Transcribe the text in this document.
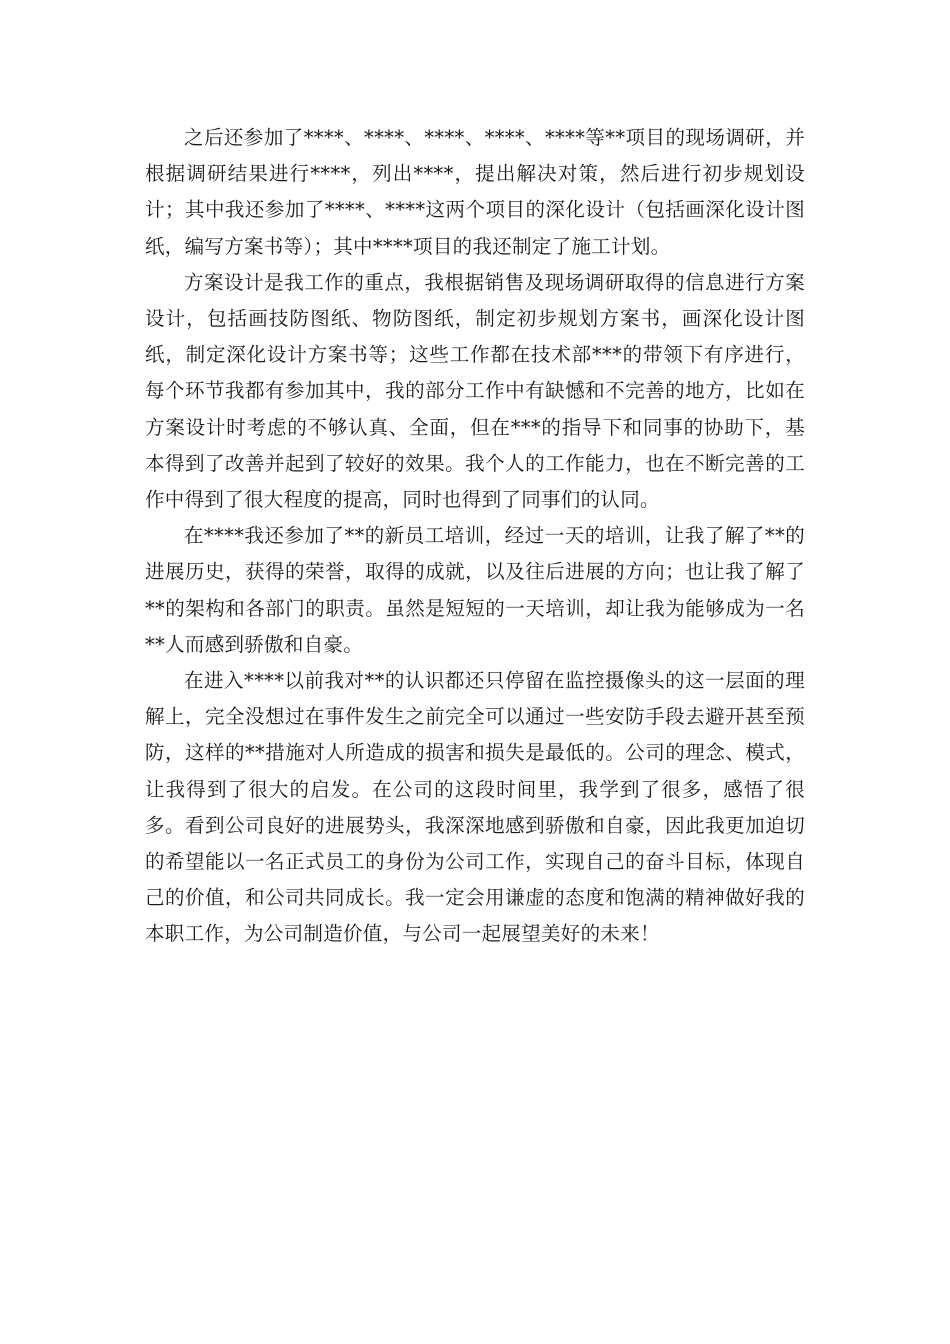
之后还参加了****、****、****、****、****等**项目的现场调研，并根据调研结果进行****，列出****，提出解决对策，然后进行初步规划设计；其中我还参加了****、****这两个项目的深化设计（包括画深化设计图纸，编写方案书等）；其中****项目的我还制定了施工计划。

方案设计是我工作的重点，我根据销售及现场调研取得的信息进行方案设计，包括画技防图纸、物防图纸，制定初步规划方案书，画深化设计图纸，制定深化设计方案书等；这些工作都在技术部***的带领下有序进行，每个环节我都有参加其中，我的部分工作中有缺憾和不完善的地方，比如在方案设计时考虑的不够认真、全面，但在***的指导下和同事的协助下，基本得到了改善并起到了较好的效果。我个人的工作能力，也在不断完善的工作中得到了很大程度的提高，同时也得到了同事们的认同。

在****我还参加了**的新员工培训，经过一天的培训，让我了解了**的进展历史，获得的荣誉，取得的成就，以及往后进展的方向；也让我了解了**的架构和各部门的职责。虽然是短短的一天培训，却让我为能够成为一名**人而感到骄傲和自豪。

在进入****以前我对**的认识都还只停留在监控摄像头的这一层面的理解上，完全没想过在事件发生之前完全可以通过一些安防手段去避开甚至预防，这样的**措施对人所造成的损害和损失是最低的。公司的理念、模式，让我得到了很大的启发。在公司的这段时间里，我学到了很多，感悟了很多。看到公司良好的进展势头，我深深地感到骄傲和自豪，因此我更加迫切的希望能以一名正式员工的身份为公司工作，实现自己的奋斗目标，体现自己的价值，和公司共同成长。我一定会用谦虚的态度和饱满的精神做好我的本职工作，为公司制造价值，与公司一起展望美好的未来！
